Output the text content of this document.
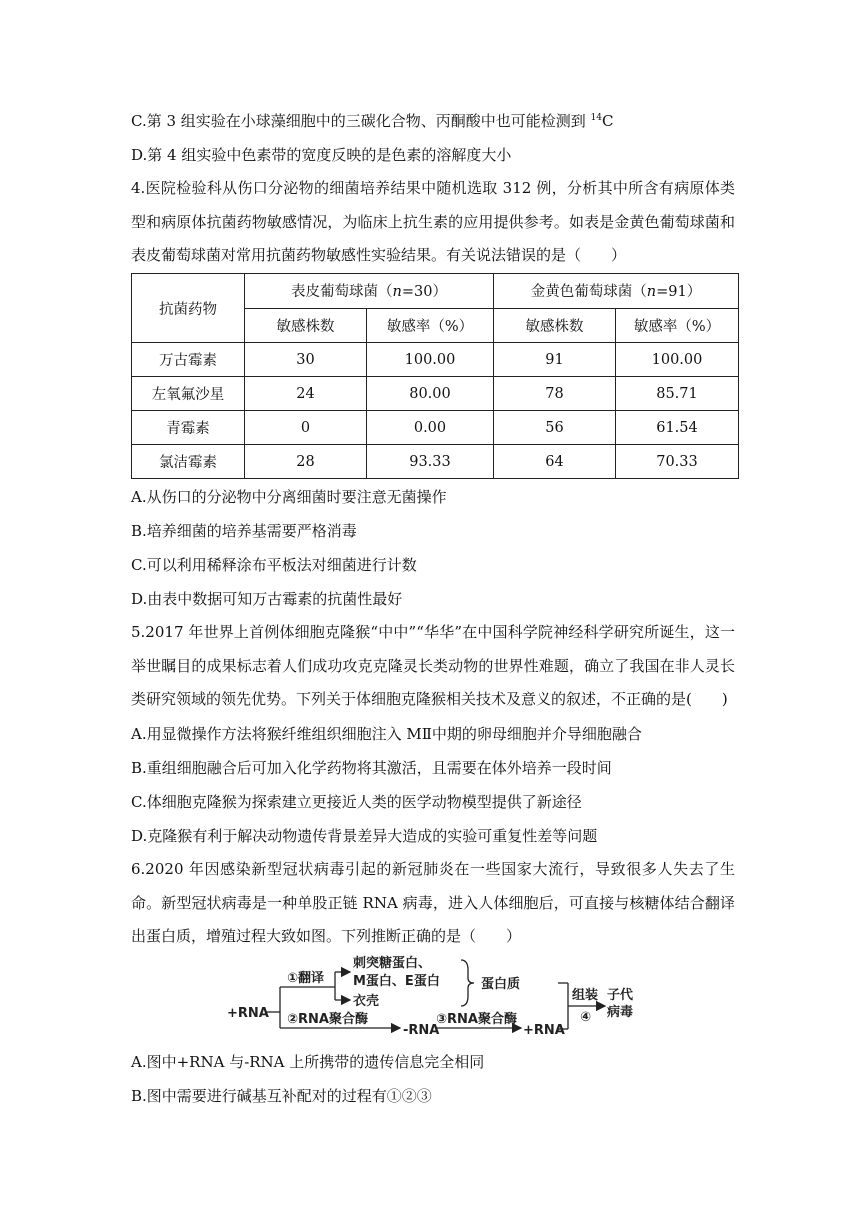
C.第 3 组实验在小球藻细胞中的三碳化合物、丙酮酸中也可能检测到 $^{14}$C
D.第 4 组实验中色素带的宽度反映的是色素的溶解度大小
4.医院检验科从伤口分泌物的细菌培养结果中随机选取 312 例，分析其中所含有病原体类型和病原体抗菌药物敏感情况，为临床上抗生素的应用提供参考。如表是金黄色葡萄球菌和表皮葡萄球菌对常用抗菌药物敏感性实验结果。有关说法错误的是（　　）
抗菌药物	表皮葡萄球菌（n=30）		金黄色葡萄球菌（n=91）	
	敏感株数	敏感率（%）	敏感株数	敏感率（%）
万古霉素	30	100.00	91	100.00
左氧氟沙星	24	80.00	78	85.71
青霉素	0	0.00	56	61.54
氯洁霉素	28	93.33	64	70.33
A.从伤口的分泌物中分离细菌时要注意无菌操作
B.培养细菌的培养基需要严格消毒
C.可以利用稀释涂布平板法对细菌进行计数
D.由表中数据可知万古霉素的抗菌性最好
5.2017 年世界上首例体细胞克隆猴“中中”“华华”在中国科学院神经科学研究所诞生，这一举世瞩目的成果标志着人们成功攻克克隆灵长类动物的世界性难题，确立了我国在非人灵长类研究领域的领先优势。下列关于体细胞克隆猴相关技术及意义的叙述，不正确的是(　　)
A.用显微操作方法将猴纤维组织细胞注入 MⅡ中期的卵母细胞并介导细胞融合
B.重组细胞融合后可加入化学药物将其激活，且需要在体外培养一段时间
C.体细胞克隆猴为探索建立更接近人类的医学动物模型提供了新途径
D.克隆猴有利于解决动物遗传背景差异大造成的实验可重复性差等问题
6.2020 年因感染新型冠状病毒引起的新冠肺炎在一些国家大流行，导致很多人失去了生命。新型冠状病毒是一种单股正链 RNA 病毒，进入人体细胞后，可直接与核糖体结合翻译出蛋白质，增殖过程大致如图。下列推断正确的是（　　）
+RNA
①翻译
刺突糖蛋白、
M蛋白、E蛋白
衣壳
蛋白质
②RNA聚合酶
-RNA
③RNA聚合酶
+RNA
组装
④
子代
病毒
A.图中+RNA 与-RNA 上所携带的遗传信息完全相同
B.图中需要进行碱基互补配对的过程有①②③
